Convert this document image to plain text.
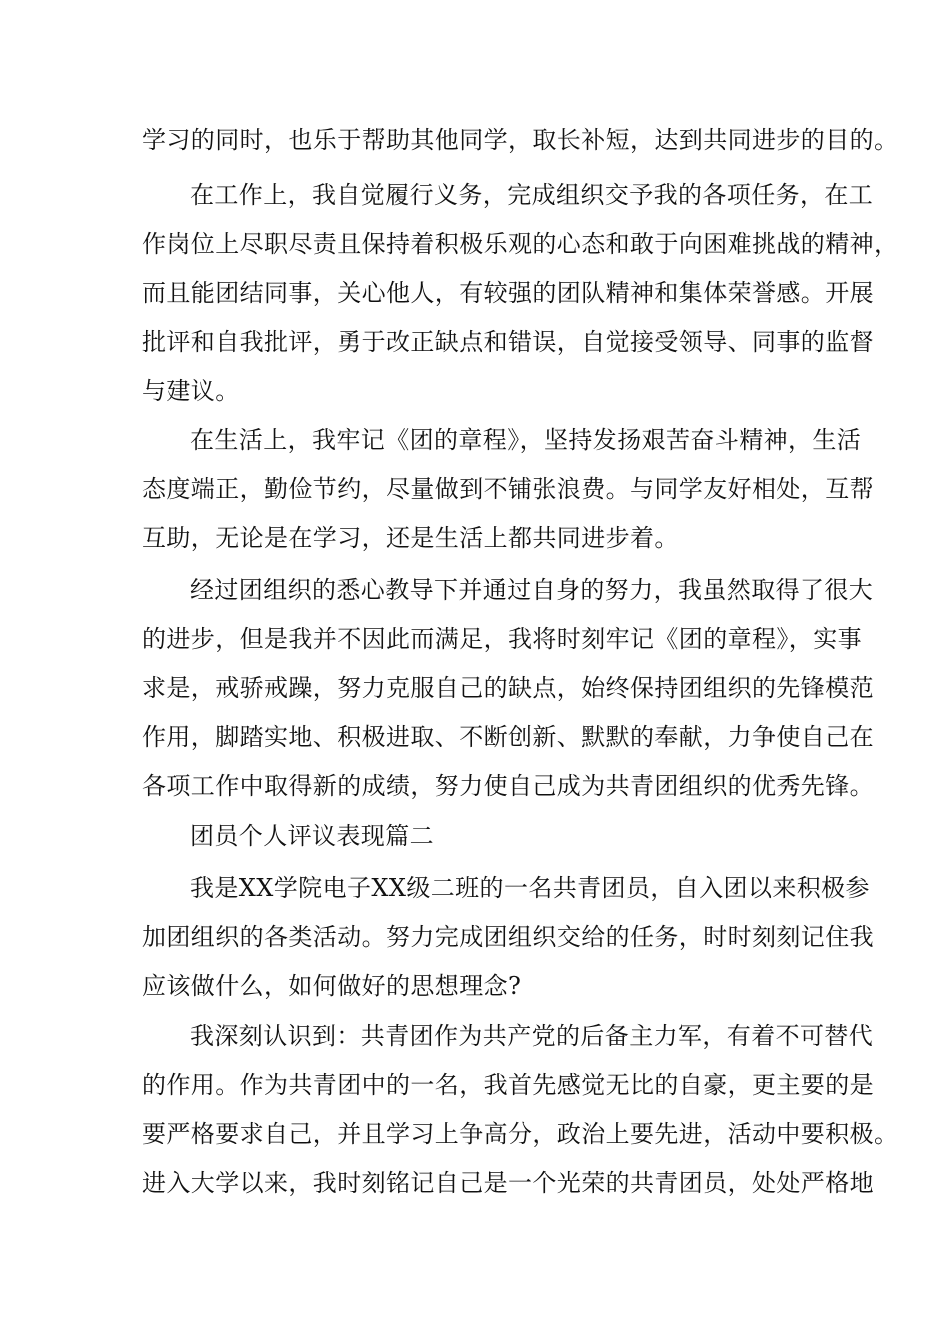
学习的同时，也乐于帮助其他同学，取长补短，达到共同进步的目的。
在工作上，我自觉履行义务，完成组织交予我的各项任务，在工
作岗位上尽职尽责且保持着积极乐观的心态和敢于向困难挑战的精神，
而且能团结同事，关心他人，有较强的团队精神和集体荣誉感。开展
批评和自我批评，勇于改正缺点和错误，自觉接受领导、同事的监督
与建议。
在生活上，我牢记《团的章程》，坚持发扬艰苦奋斗精神，生活
态度端正，勤俭节约，尽量做到不铺张浪费。与同学友好相处，互帮
互助，无论是在学习，还是生活上都共同进步着。
经过团组织的悉心教导下并通过自身的努力，我虽然取得了很大
的进步，但是我并不因此而满足，我将时刻牢记《团的章程》，实事
求是，戒骄戒躁，努力克服自己的缺点，始终保持团组织的先锋模范
作用，脚踏实地、积极进取、不断创新、默默的奉献，力争使自己在
各项工作中取得新的成绩，努力使自己成为共青团组织的优秀先锋。
团员个人评议表现篇二
我是XX学院电子XX级二班的一名共青团员，自入团以来积极参
加团组织的各类活动。努力完成团组织交给的任务，时时刻刻记住我
应该做什么，如何做好的思想理念?
我深刻认识到：共青团作为共产党的后备主力军，有着不可替代
的作用。作为共青团中的一名，我首先感觉无比的自豪，更主要的是
要严格要求自己，并且学习上争高分，政治上要先进，活动中要积极。
进入大学以来，我时刻铭记自己是一个光荣的共青团员，处处严格地
